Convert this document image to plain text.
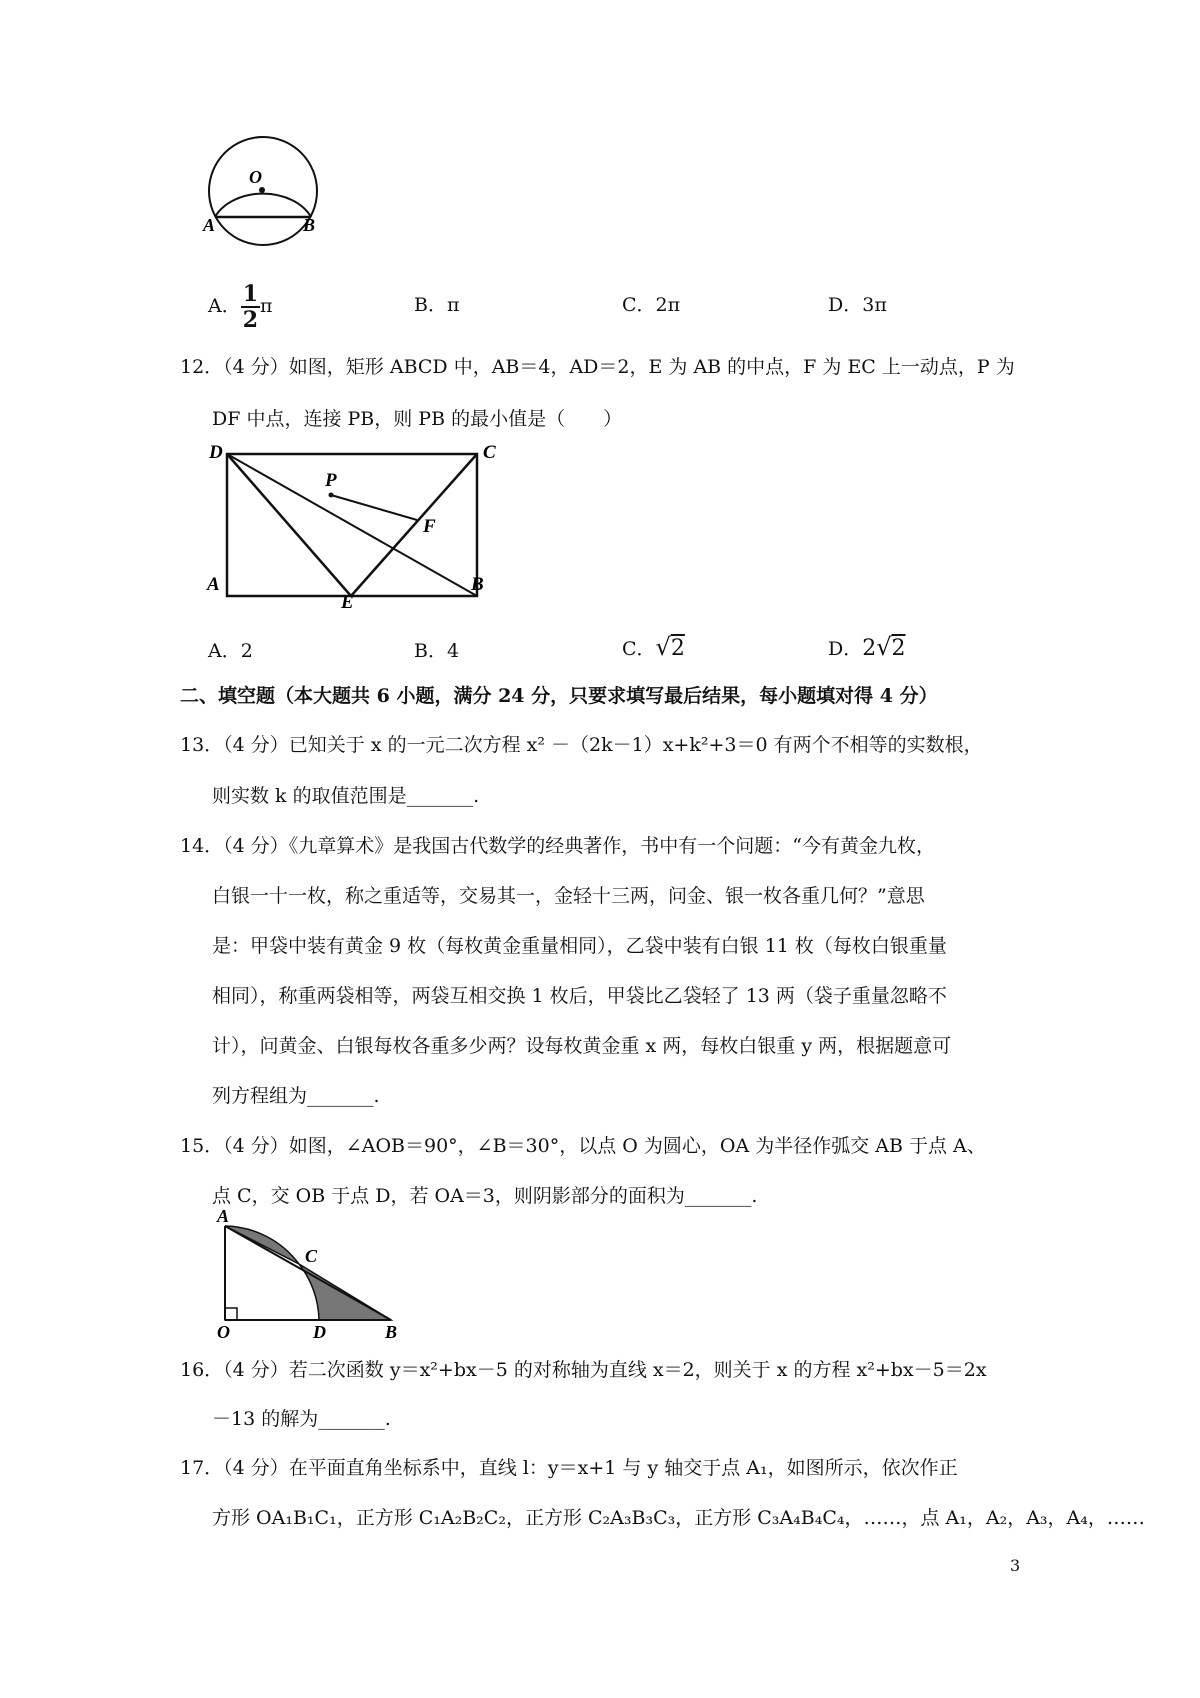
O
A	B
A． $\frac{1}{2}$ π	B．π	C．2π	D．3π
12．（4 分）如图，矩形 ABCD 中，AB＝4，AD＝2，E 为 AB 的中点，F 为 EC 上一动点，P 为
DF 中点，连接 PB，则 PB 的最小值是（　　）
D	C
P
F
A
E
B
A．2	B．4	C．√2	D．2√2
二、填空题（本大题共 6 小题，满分 24 分，只要求填写最后结果，每小题填对得 4 分）
13．（4 分）已知关于 x 的一元二次方程 x² －（2k－1）x+k²+3＝0 有两个不相等的实数根，
则实数 k 的取值范围是_______.
14．（4 分）《九章算术》是我国古代数学的经典著作，书中有一个问题：“今有黄金九枚，
白银一十一枚，称之重适等，交易其一，金轻十三两，问金、银一枚各重几何？”意思
是：甲袋中装有黄金 9 枚（每枚黄金重量相同），乙袋中装有白银 11 枚（每枚白银重量
相同），称重两袋相等，两袋互相交换 1 枚后，甲袋比乙袋轻了 13 两（袋子重量忽略不
计），问黄金、白银每枚各重多少两？设每枚黄金重 x 两，每枚白银重 y 两，根据题意可
列方程组为_______.
15．（4 分）如图，∠AOB＝90°，∠B＝30°，以点 O 为圆心，OA 为半径作弧交 AB 于点 A、
点 C，交 OB 于点 D，若 OA＝3，则阴影部分的面积为_______.
A
C
O	D	B
16．（4 分）若二次函数 y＝x²+bx－5 的对称轴为直线 x＝2，则关于 x 的方程 x²+bx－5＝2x
－13 的解为_______.
17．（4 分）在平面直角坐标系中，直线 l：y＝x+1 与 y 轴交于点 A₁，如图所示，依次作正
方形 OA₁B₁C₁，正方形 C₁A₂B₂C₂，正方形 C₂A₃B₃C₃，正方形 C₃A₄B₄C₄，……，点 A₁，A₂，A₃，A₄，……
3
